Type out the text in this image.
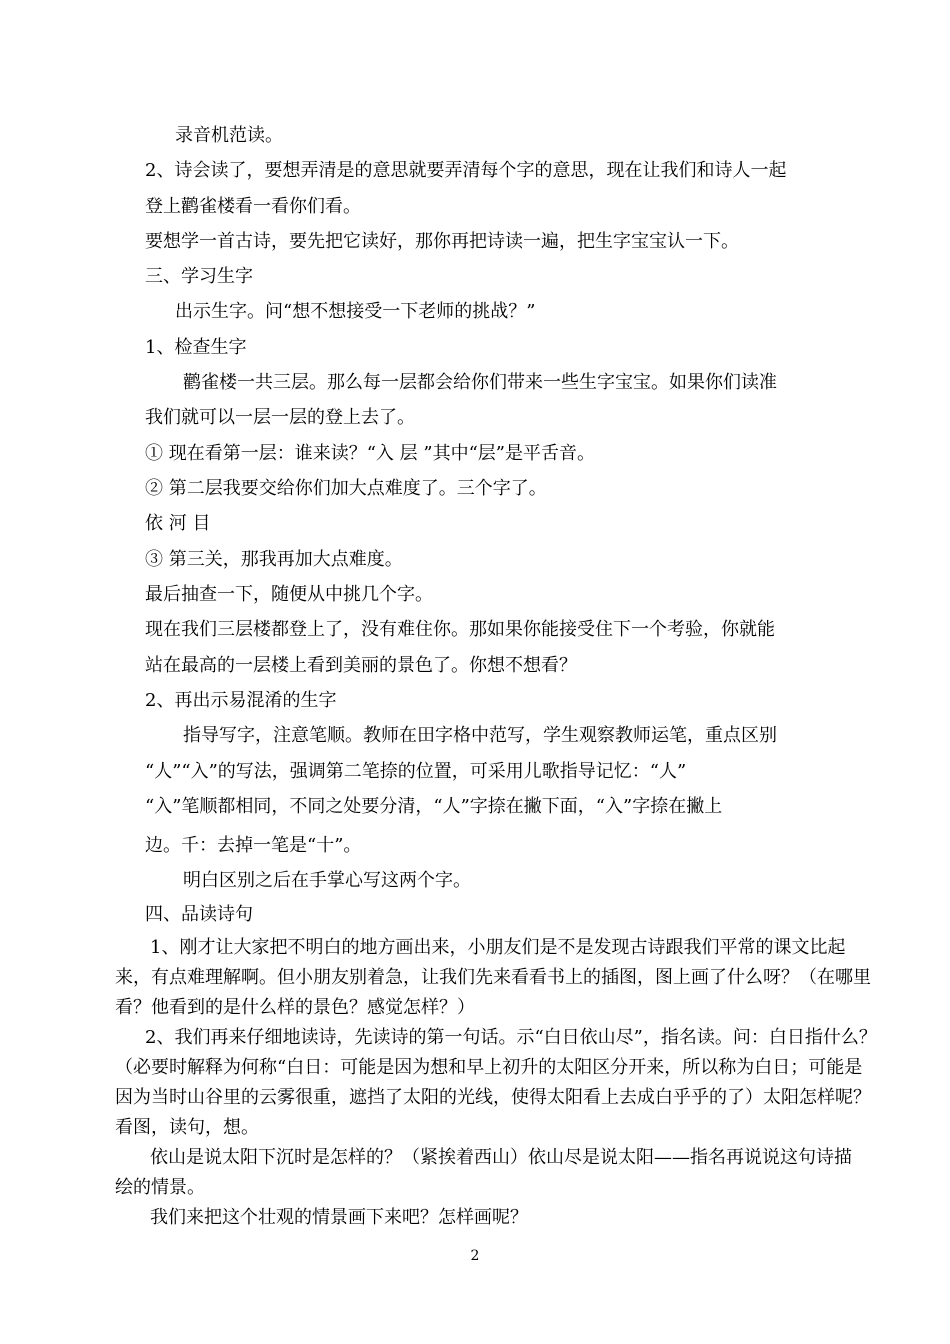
录音机范读。
2、诗会读了，要想弄清是的意思就要弄清每个字的意思，现在让我们和诗人一起
登上鹳雀楼看一看你们看。
要想学一首古诗，要先把它读好，那你再把诗读一遍，把生字宝宝认一下。
三、学习生字
出示生字。问“想不想接受一下老师的挑战？”
1、检查生字
鹳雀楼一共三层。那么每一层都会给你们带来一些生字宝宝。如果你们读准
我们就可以一层一层的登上去了。
① 现在看第一层：谁来读？“入 层 ”其中“层”是平舌音。
② 第二层我要交给你们加大点难度了。三个字了。
依 河 目
③ 第三关，那我再加大点难度。
最后抽查一下，随便从中挑几个字。
现在我们三层楼都登上了，没有难住你。那如果你能接受住下一个考验，你就能
站在最高的一层楼上看到美丽的景色了。你想不想看？
2、再出示易混淆的生字
指导写字，注意笔顺。教师在田字格中范写，学生观察教师运笔，重点区别
“人”“入”的写法，强调第二笔捺的位置，可采用儿歌指导记忆：“人”
“入”笔顺都相同，不同之处要分清，“人”字捺在撇下面，“入”字捺在撇上
边。千：去掉一笔是“十”。
明白区别之后在手掌心写这两个字。
四、品读诗句
1、刚才让大家把不明白的地方画出来，小朋友们是不是发现古诗跟我们平常的课文比起
来，有点难理解啊。但小朋友别着急，让我们先来看看书上的插图，图上画了什么呀？（在哪里
看？他看到的是什么样的景色？感觉怎样？）
2、我们再来仔细地读诗，先读诗的第一句话。示“白日依山尽”，指名读。问：白日指什么？
（必要时解释为何称“白日：可能是因为想和早上初升的太阳区分开来，所以称为白日；可能是
因为当时山谷里的云雾很重，遮挡了太阳的光线，使得太阳看上去成白乎乎的了）太阳怎样呢？
看图，读句，想。
依山是说太阳下沉时是怎样的？（紧挨着西山）依山尽是说太阳——指名再说说这句诗描
绘的情景。
我们来把这个壮观的情景画下来吧？怎样画呢？
2
